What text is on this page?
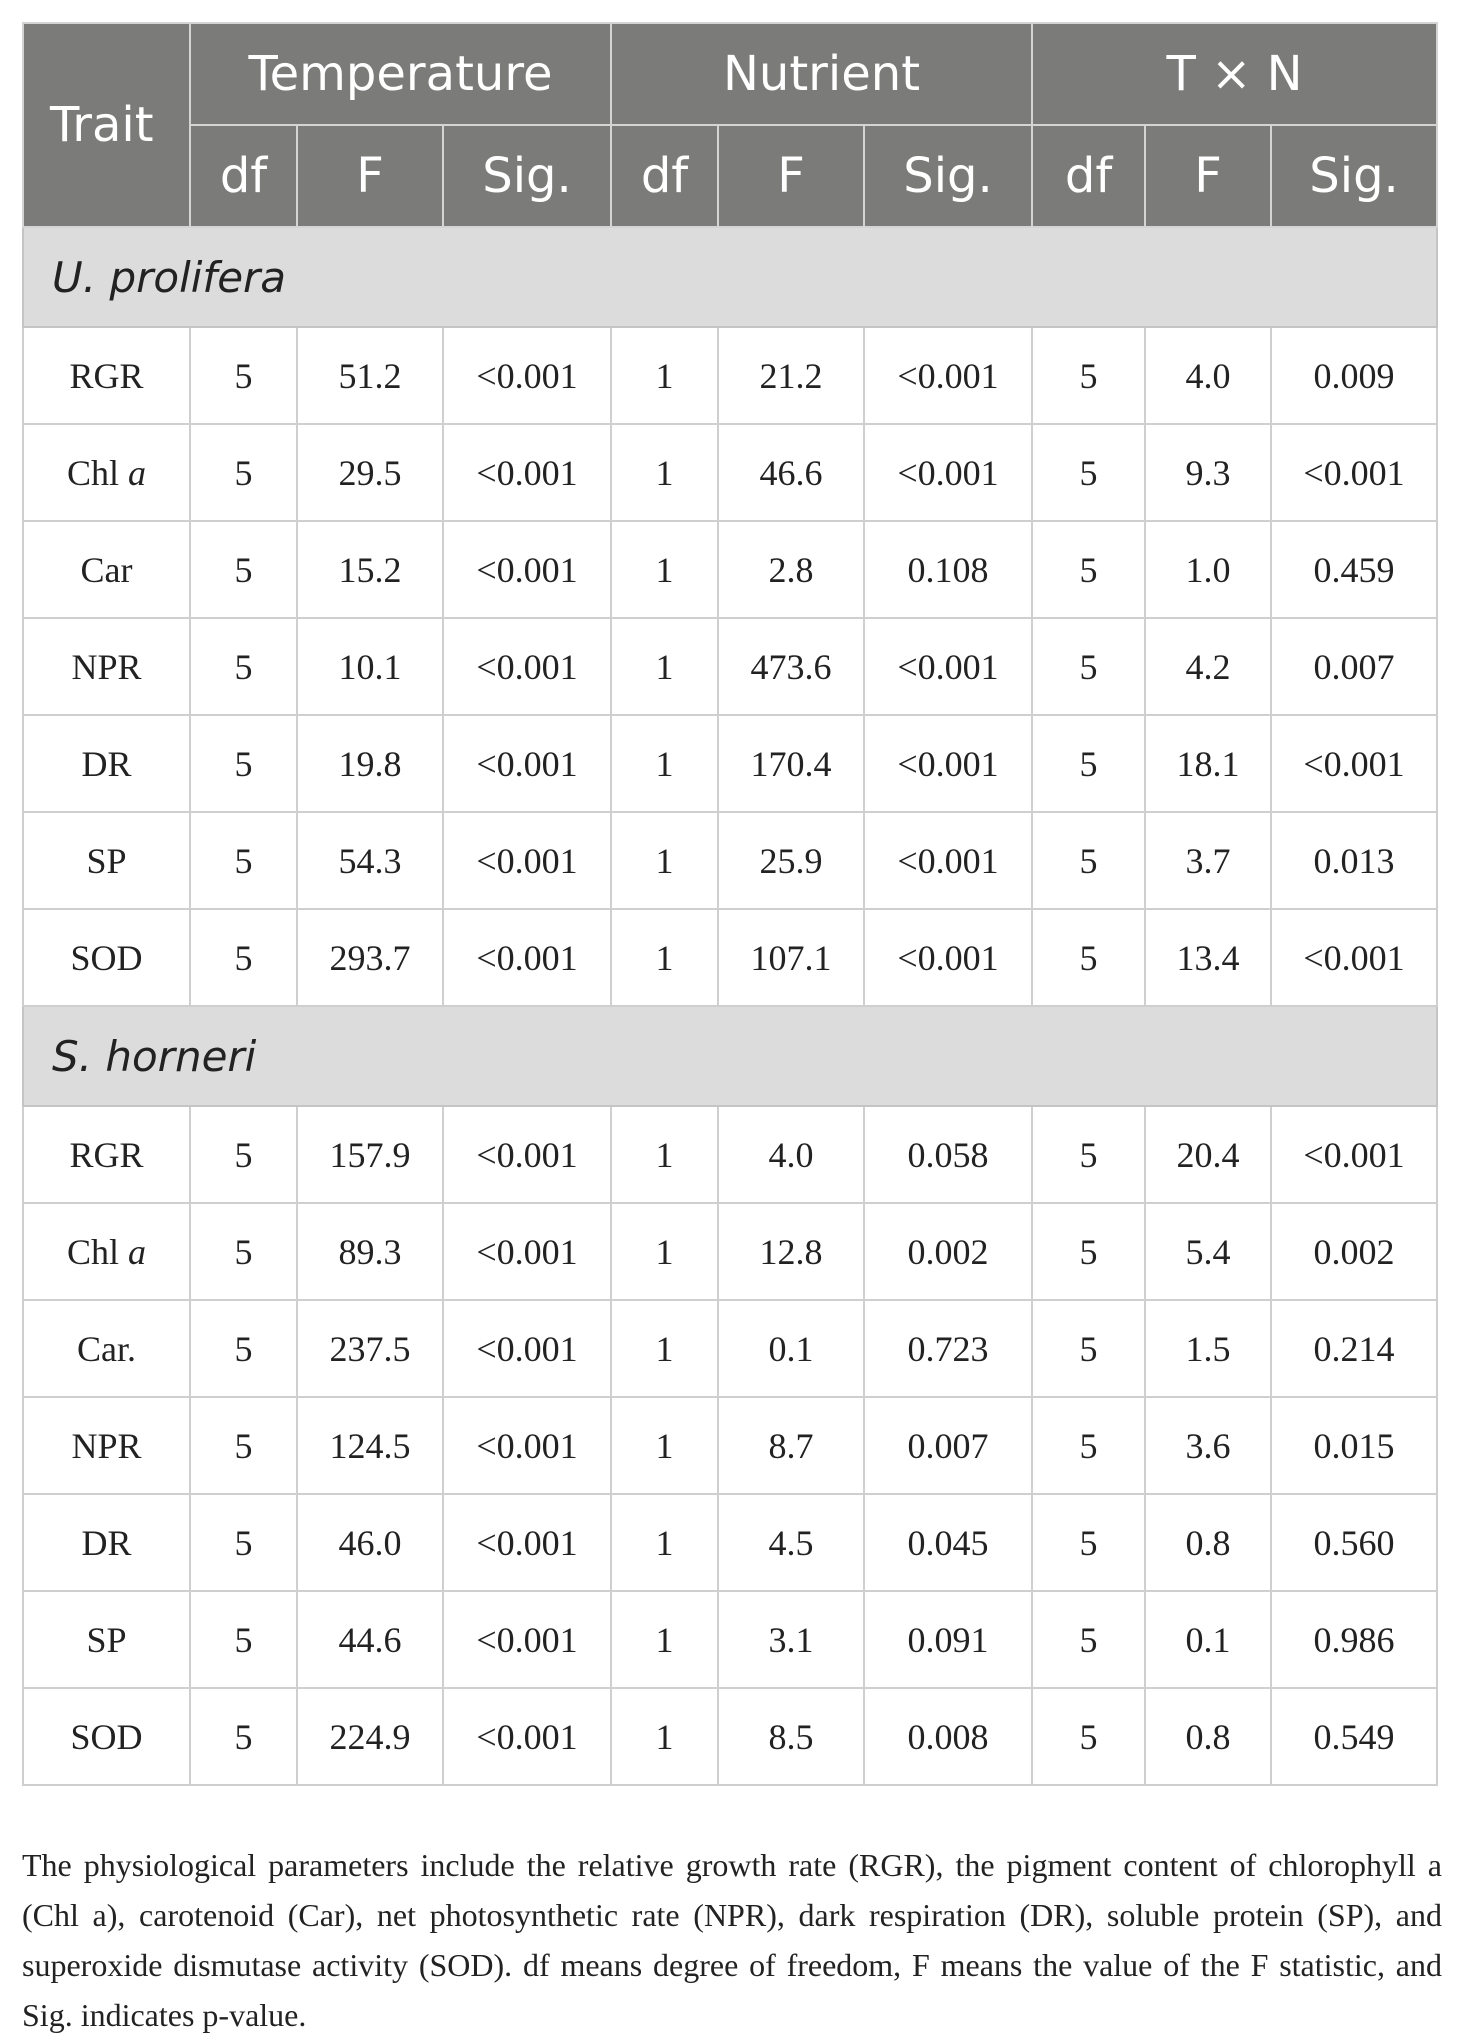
Trait	Temperature			Nutrient			T × N		
	df	F	Sig.	df	F	Sig.	df	F	Sig.
U. prolifera									
RGR	5	51.2	<0.001	1	21.2	<0.001	5	4.0	0.009
Chl a	5	29.5	<0.001	1	46.6	<0.001	5	9.3	<0.001
Car	5	15.2	<0.001	1	2.8	0.108	5	1.0	0.459
NPR	5	10.1	<0.001	1	473.6	<0.001	5	4.2	0.007
DR	5	19.8	<0.001	1	170.4	<0.001	5	18.1	<0.001
SP	5	54.3	<0.001	1	25.9	<0.001	5	3.7	0.013
SOD	5	293.7	<0.001	1	107.1	<0.001	5	13.4	<0.001
S. horneri									
RGR	5	157.9	<0.001	1	4.0	0.058	5	20.4	<0.001
Chl a	5	89.3	<0.001	1	12.8	0.002	5	5.4	0.002
Car.	5	237.5	<0.001	1	0.1	0.723	5	1.5	0.214
NPR	5	124.5	<0.001	1	8.7	0.007	5	3.6	0.015
DR	5	46.0	<0.001	1	4.5	0.045	5	0.8	0.560
SP	5	44.6	<0.001	1	3.1	0.091	5	0.1	0.986
SOD	5	224.9	<0.001	1	8.5	0.008	5	0.8	0.549

The physiological parameters include the relative growth rate (RGR), the pigment content of chlorophyll a (Chl a), carotenoid (Car), net photosynthetic rate (NPR), dark respiration (DR), soluble protein (SP), and superoxide dismutase activity (SOD). df means degree of freedom, F means the value of the F statistic, and Sig. indicates p-value.
